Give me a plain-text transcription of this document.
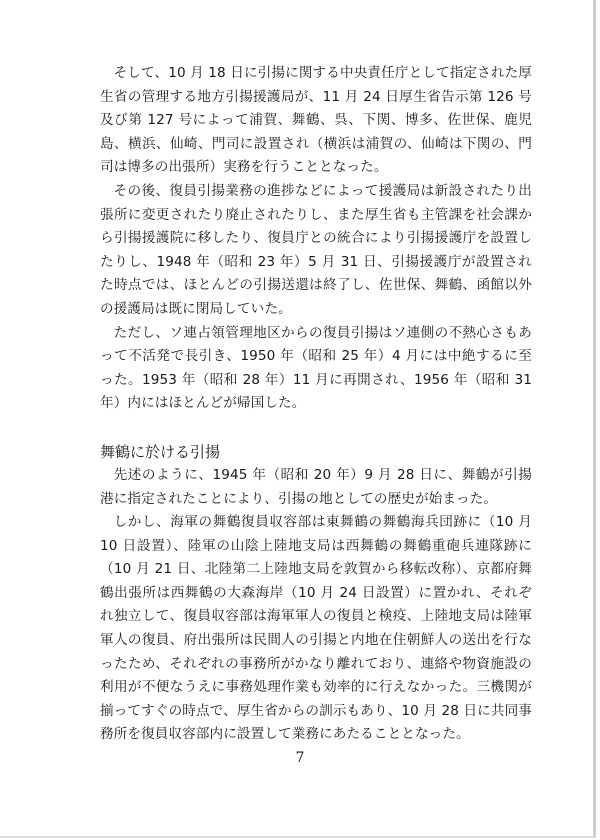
そして、10 月 18 日に引揚に関する中央責任庁として指定された厚生省の管理する地方引揚援護局が、11 月 24 日厚生省告示第 126 号及び第 127 号によって浦賀、舞鶴、呉、下関、博多、佐世保、鹿児島、横浜、仙崎、門司に設置され（横浜は浦賀の、仙崎は下関の、門司は博多の出張所）実務を行うこととなった。

その後、復員引揚業務の進捗などによって援護局は新設されたり出張所に変更されたり廃止されたりし、また厚生省も主管課を社会課から引揚援護院に移したり、復員庁との統合により引揚援護庁を設置したりし、1948 年（昭和 23 年）5 月 31 日、引揚援護庁が設置された時点では、ほとんどの引揚送還は終了し、佐世保、舞鶴、函館以外の援護局は既に閉局していた。

ただし、ソ連占領管理地区からの復員引揚はソ連側の不熱心さもあって不活発で長引き、1950 年（昭和 25 年）4 月には中絶するに至った。1953 年（昭和 28 年）11 月に再開され、1956 年（昭和 31 年）内にはほとんどが帰国した。

舞鶴に於ける引揚

先述のように、1945 年（昭和 20 年）9 月 28 日に、舞鶴が引揚港に指定されたことにより、引揚の地としての歴史が始まった。

しかし、海軍の舞鶴復員収容部は東舞鶴の舞鶴海兵団跡に（10 月 10 日設置）、陸軍の山陰上陸地支局は西舞鶴の舞鶴重砲兵連隊跡に（10 月 21 日、北陸第二上陸地支局を敦賀から移転改称）、京都府舞鶴出張所は西舞鶴の大森海岸（10 月 24 日設置）に置かれ、それぞれ独立して、復員収容部は海軍軍人の復員と検疫、上陸地支局は陸軍軍人の復員、府出張所は民間人の引揚と内地在住朝鮮人の送出を行なったため、それぞれの事務所がかなり離れており、連絡や物資施設の利用が不便なうえに事務処理作業も効率的に行えなかった。三機関が揃ってすぐの時点で、厚生省からの訓示もあり、10 月 28 日に共同事務所を復員収容部内に設置して業務にあたることとなった。

7
